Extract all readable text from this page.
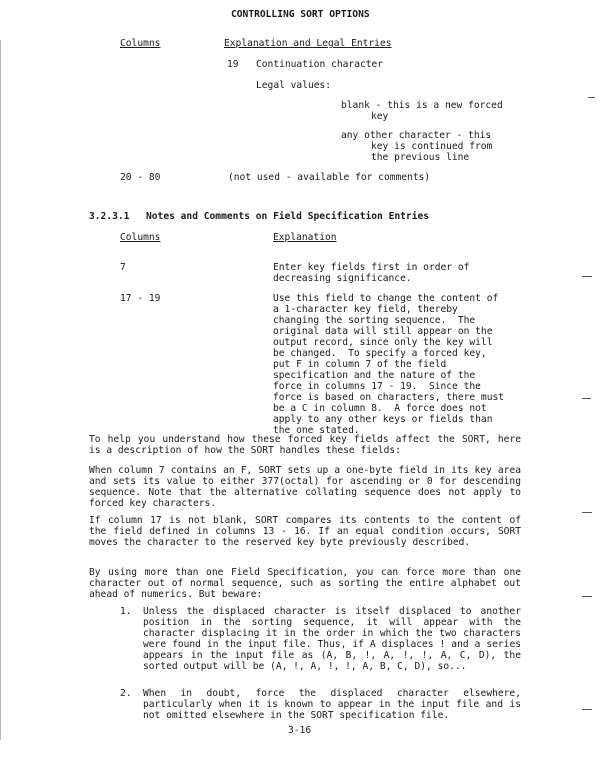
CONTROLLING SORT OPTIONS
Columns	Explanation and Legal Entries
19 Continuation character
Legal values:
blank - this is a new forced
key
any other character - this
key is continued from
the previous line
20 - 80	(not used - available for comments)
3.2.3.1 Notes and Comments on Field Specification Entries
Columns	Explanation
7	Enter key fields first in order of
decreasing significance.
17 - 19	Use this field to change the content of
a 1-character key field, thereby
changing the sorting sequence.  The
original data will still appear on the
output record, since only the key will
be changed.  To specify a forced key,
put F in column 7 of the field
specification and the nature of the
force in columns 17 - 19.  Since the
force is based on characters, there must
be a C in column 8.  A force does not
apply to any other keys or fields than
the one stated.
To help you understand how these forced key fields affect the SORT, here is a description of how the SORT handles these fields:
When column 7 contains an F, SORT sets up a one-byte field in its key area and sets its value to either 377(octal) for ascending or 0 for descending sequence. Note that the alternative collating sequence does not apply to forced key characters.
If column 17 is not blank, SORT compares its contents to the content of the field defined in columns 13 - 16. If an equal condition occurs, SORT moves the character to the reserved key byte previously described.
By using more than one Field Specification, you can force more than one character out of normal sequence, such as sorting the entire alphabet out ahead of numerics. But beware:
1. Unless the displaced character is itself displaced to another position in the sorting sequence, it will appear with the character displacing it in the order in which the two characters were found in the input file. Thus, if A displaces ! and a series appears in the input file as (A, B, !, A, !, !, A, C, D), the sorted output will be (A, !, A, !, !, A, B, C, D), so...
2. When in doubt, force the displaced character elsewhere, particularly when it is known to appear in the input file and is not omitted elsewhere in the SORT specification file.
3-16
